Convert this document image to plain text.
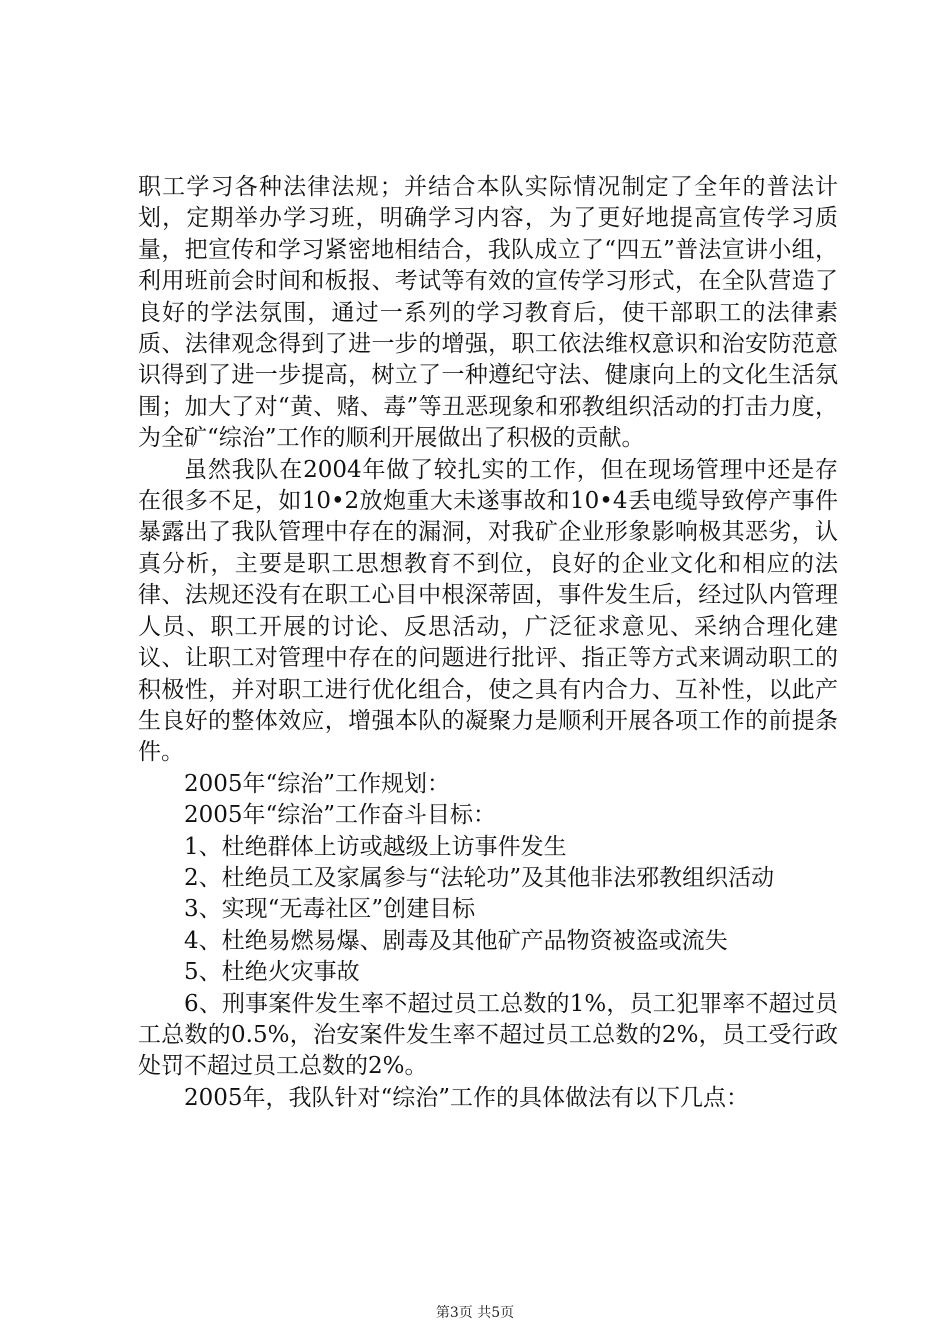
职工学习各种法律法规；并结合本队实际情况制定了全年的普法计划，定期举办学习班，明确学习内容，为了更好地提高宣传学习质量，把宣传和学习紧密地相结合，我队成立了“四五”普法宣讲小组，利用班前会时间和板报、考试等有效的宣传学习形式，在全队营造了良好的学法氛围，通过一系列的学习教育后，使干部职工的法律素质、法律观念得到了进一步的增强，职工依法维权意识和治安防范意识得到了进一步提高，树立了一种遵纪守法、健康向上的文化生活氛围；加大了对“黄、赌、毒”等丑恶现象和邪教组织活动的打击力度，为全矿“综治”工作的顺利开展做出了积极的贡献。

虽然我队在2004年做了较扎实的工作，但在现场管理中还是存在很多不足，如10•2放炮重大未遂事故和10•4丢电缆导致停产事件暴露出了我队管理中存在的漏洞，对我矿企业形象影响极其恶劣，认真分析，主要是职工思想教育不到位，良好的企业文化和相应的法律、法规还没有在职工心目中根深蒂固，事件发生后，经过队内管理人员、职工开展的讨论、反思活动，广泛征求意见、采纳合理化建议、让职工对管理中存在的问题进行批评、指正等方式来调动职工的积极性，并对职工进行优化组合，使之具有内合力、互补性，以此产生良好的整体效应，增强本队的凝聚力是顺利开展各项工作的前提条件。

2005年“综治”工作规划：

2005年“综治”工作奋斗目标：

1、杜绝群体上访或越级上访事件发生

2、杜绝员工及家属参与“法轮功”及其他非法邪教组织活动

3、实现“无毒社区”创建目标

4、杜绝易燃易爆、剧毒及其他矿产品物资被盗或流失

5、杜绝火灾事故

6、刑事案件发生率不超过员工总数的1%，员工犯罪率不超过员工总数的0.5%，治安案件发生率不超过员工总数的2%，员工受行政处罚不超过员工总数的2%。

2005年，我队针对“综治”工作的具体做法有以下几点：

第3页 共5页
